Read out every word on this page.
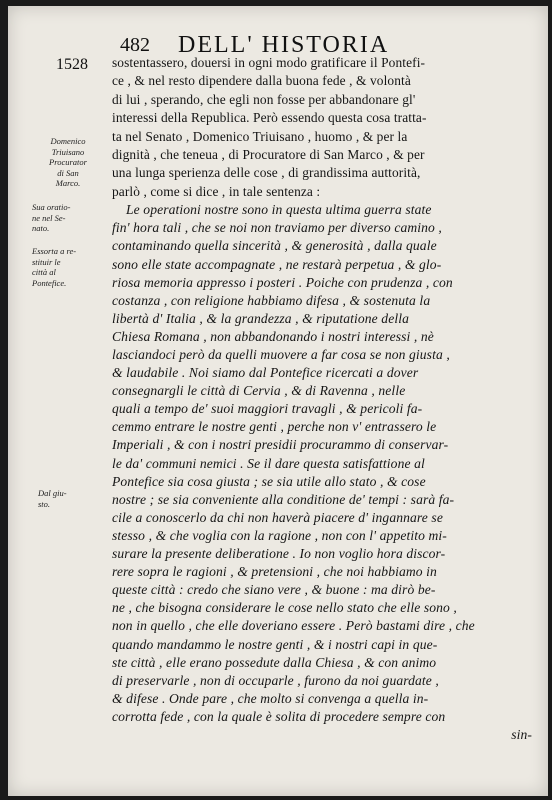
482 DELL' HISTORIA
1528
Domenico
Triuisano
Procurator
di San
Marco.
Sua oratio-
ne nel Se-
nato.
Essorta a re-
stituir le
città al
Pontefice.
Dal giu-
sto.
sostentassero, douersi in ogni modo gratificare il Pontefi-
ce , & nel resto dipendere dalla buona fede , & volontà
di lui , sperando, che egli non fosse per abbandonare gl'
interessi della Republica. Però essendo questa cosa tratta-
ta nel Senato , Domenico Triuisano , huomo , & per la
dignità , che teneua , di Procuratore di San Marco , & per
una lunga sperienza delle cose , di grandissima auttorità,
parlò , come si dice , in tale sentenza :
Le operationi nostre sono in questa ultima guerra state
fin' hora tali , che se noi non traviamo per diverso camino ,
contaminando quella sincerità , & generosità , dalla quale
sono elle state accompagnate , ne restarà perpetua , & glo-
riosa memoria appresso i posteri . Poiche con prudenza , con
costanza , con religione habbiamo difesa , & sostenuta la
libertà d' Italia , & la grandezza , & riputatione della
Chiesa Romana , non abbandonando i nostri interessi , nè
lasciandoci però da quelli muovere a far cosa se non giusta ,
& laudabile . Noi siamo dal Pontefice ricercati a dover
consegnargli le città di Cervia , & di Ravenna , nelle
quali a tempo de' suoi maggiori travagli , & pericoli fa-
cemmo entrare le nostre genti , perche non v' entrassero le
Imperiali , & con i nostri presidii procurammo di conservar-
le da' communi nemici . Se il dare questa satisfattione al
Pontefice sia cosa giusta ; se sia utile allo stato , & cose
nostre ; se sia conveniente alla conditione de' tempi : sarà fa-
cile a conoscerlo da chi non haverà piacere d' ingannare se
stesso , & che voglia con la ragione , non con l' appetito mi-
surare la presente deliberatione . Io non voglio hora discor-
rere sopra le ragioni , & pretensioni , che noi habbiamo in
queste città : credo che siano vere , & buone : ma dirò be-
ne , che bisogna considerare le cose nello stato che elle sono ,
non in quello , che elle doveriano essere . Però bastami dire , che
quando mandammo le nostre genti , & i nostri capi in que-
ste città , elle erano possedute dalla Chiesa , & con animo
di preservarle , non di occuparle , furono da noi guardate ,
& difese . Onde pare , che molto si convenga a quella in-
corrotta fede , con la quale è solita di procedere sempre con
sin-
